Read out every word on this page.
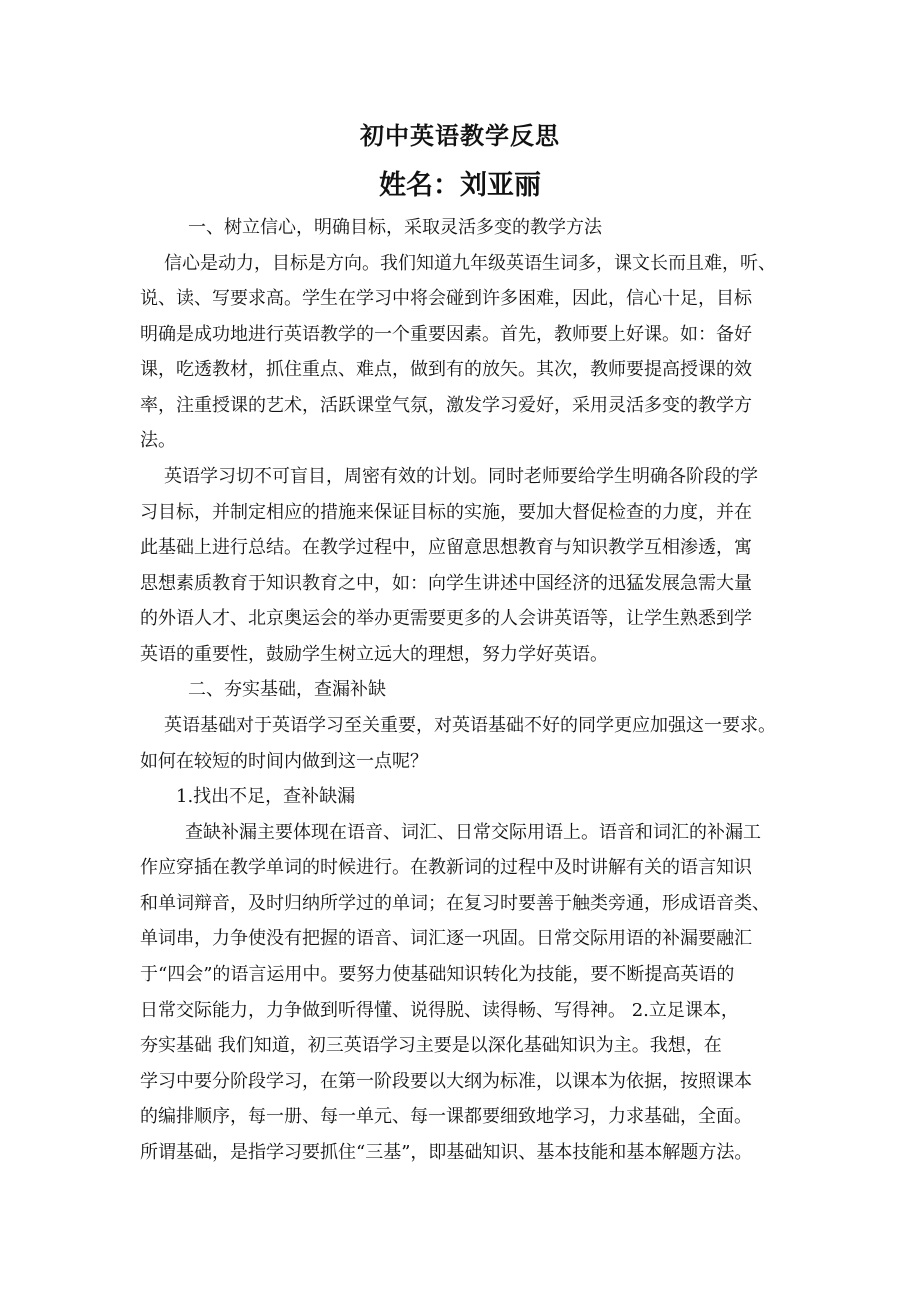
初中英语教学反思
姓名：刘亚丽
一、树立信心，明确目标，采取灵活多变的教学方法
信心是动力，目标是方向。我们知道九年级英语生词多，课文长而且难，听、
说、读、写要求高。学生在学习中将会碰到许多困难，因此，信心十足，目标
明确是成功地进行英语教学的一个重要因素。首先，教师要上好课。如：备好
课，吃透教材，抓住重点、难点，做到有的放矢。其次，教师要提高授课的效
率，注重授课的艺术，活跃课堂气氛，激发学习爱好，采用灵活多变的教学方
法。
英语学习切不可盲目，周密有效的计划。同时老师要给学生明确各阶段的学
习目标，并制定相应的措施来保证目标的实施，要加大督促检查的力度，并在
此基础上进行总结。在教学过程中，应留意思想教育与知识教学互相渗透，寓
思想素质教育于知识教育之中，如：向学生讲述中国经济的迅猛发展急需大量
的外语人才、北京奥运会的举办更需要更多的人会讲英语等，让学生熟悉到学
英语的重要性，鼓励学生树立远大的理想，努力学好英语。
二、夯实基础，查漏补缺
英语基础对于英语学习至关重要，对英语基础不好的同学更应加强这一要求。
如何在较短的时间内做到这一点呢？
1.找出不足，查补缺漏
查缺补漏主要体现在语音、词汇、日常交际用语上。语音和词汇的补漏工
作应穿插在教学单词的时候进行。在教新词的过程中及时讲解有关的语言知识
和单词辩音，及时归纳所学过的单词；在复习时要善于触类旁通，形成语音类、
单词串，力争使没有把握的语音、词汇逐一巩固。日常交际用语的补漏要融汇
于“四会”的语言运用中。要努力使基础知识转化为技能，要不断提高英语的
日常交际能力，力争做到听得懂、说得脱、读得畅、写得神。 2.立足课本，
夯实基础 我们知道，初三英语学习主要是以深化基础知识为主。我想，在
学习中要分阶段学习，在第一阶段要以大纲为标准，以课本为依据，按照课本
的编排顺序，每一册、每一单元、每一课都要细致地学习，力求基础，全面。
所谓基础，是指学习要抓住“三基”，即基础知识、基本技能和基本解题方法。
